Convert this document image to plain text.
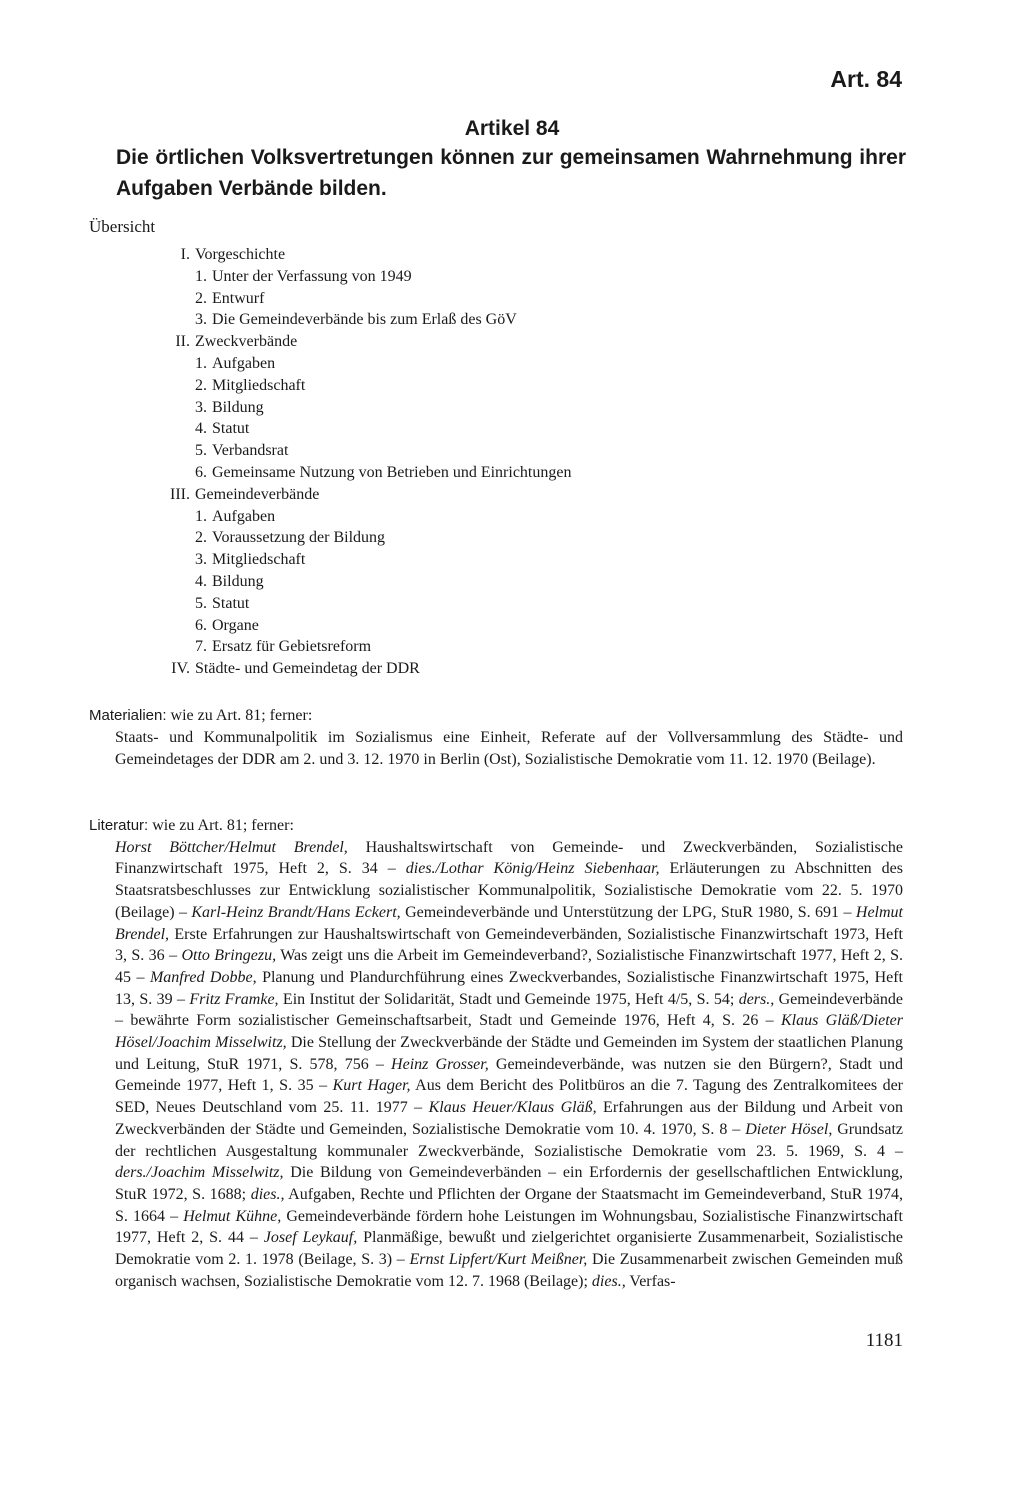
Art. 84
Artikel 84
Die örtlichen Volksvertretungen können zur gemeinsamen Wahrnehmung ihrer Aufgaben Verbände bilden.
Übersicht
I. Vorgeschichte
1. Unter der Verfassung von 1949
2. Entwurf
3. Die Gemeindeverbände bis zum Erlaß des GöV
II. Zweckverbände
1. Aufgaben
2. Mitgliedschaft
3. Bildung
4. Statut
5. Verbandsrat
6. Gemeinsame Nutzung von Betrieben und Einrichtungen
III. Gemeindeverbände
1. Aufgaben
2. Voraussetzung der Bildung
3. Mitgliedschaft
4. Bildung
5. Statut
6. Organe
7. Ersatz für Gebietsreform
IV. Städte- und Gemeindetag der DDR
Materialien: wie zu Art. 81; ferner:
Staats- und Kommunalpolitik im Sozialismus eine Einheit, Referate auf der Vollversammlung des Städte- und Gemeindetages der DDR am 2. und 3. 12. 1970 in Berlin (Ost), Sozialistische Demokratie vom 11. 12. 1970 (Beilage).
Literatur: wie zu Art. 81; ferner:
Horst Böttcher/Helmut Brendel, Haushaltswirtschaft von Gemeinde- und Zweckverbänden, Sozialistische Finanzwirtschaft 1975, Heft 2, S. 34 – dies./Lothar König/Heinz Siebenhaar, Erläuterungen zu Abschnitten des Staatsratsbeschlusses zur Entwicklung sozialistischer Kommunalpolitik, Sozialistische Demokratie vom 22. 5. 1970 (Beilage) – Karl-Heinz Brandt/Hans Eckert, Gemeindeverbände und Unterstützung der LPG, StuR 1980, S. 691 – Helmut Brendel, Erste Erfahrungen zur Haushaltswirtschaft von Gemeindeverbänden, Sozialistische Finanzwirtschaft 1973, Heft 3, S. 36 – Otto Bringezu, Was zeigt uns die Arbeit im Gemeindeverband?, Sozialistische Finanzwirtschaft 1977, Heft 2, S. 45 – Manfred Dobbe, Planung und Plandurchführung eines Zweckverbandes, Sozialistische Finanzwirtschaft 1975, Heft 13, S. 39 – Fritz Framke, Ein Institut der Solidarität, Stadt und Gemeinde 1975, Heft 4/5, S. 54; ders., Gemeindeverbände – bewährte Form sozialistischer Gemeinschaftsarbeit, Stadt und Gemeinde 1976, Heft 4, S. 26 – Klaus Gläß/Dieter Hösel/Joachim Misselwitz, Die Stellung der Zweckverbände der Städte und Gemeinden im System der staatlichen Planung und Leitung, StuR 1971, S. 578, 756 – Heinz Grosser, Gemeindeverbände, was nutzen sie den Bürgern?, Stadt und Gemeinde 1977, Heft 1, S. 35 – Kurt Hager, Aus dem Bericht des Politbüros an die 7. Tagung des Zentralkomitees der SED, Neues Deutschland vom 25. 11. 1977 – Klaus Heuer/Klaus Gläß, Erfahrungen aus der Bildung und Arbeit von Zweckverbänden der Städte und Gemeinden, Sozialistische Demokratie vom 10. 4. 1970, S. 8 – Dieter Hösel, Grundsatz der rechtlichen Ausgestaltung kommunaler Zweckverbände, Sozialistische Demokratie vom 23. 5. 1969, S. 4 – ders./Joachim Misselwitz, Die Bildung von Gemeindeverbänden – ein Erfordernis der gesellschaftlichen Entwicklung, StuR 1972, S. 1688; dies., Aufgaben, Rechte und Pflichten der Organe der Staatsmacht im Gemeindeverband, StuR 1974, S. 1664 – Helmut Kühne, Gemeindeverbände fördern hohe Leistungen im Wohnungsbau, Sozialistische Finanzwirtschaft 1977, Heft 2, S. 44 – Josef Leykauf, Planmäßige, bewußt und zielgerichtet organisierte Zusammenarbeit, Sozialistische Demokratie vom 2. 1. 1978 (Beilage, S. 3) – Ernst Lipfert/Kurt Meißner, Die Zusammenarbeit zwischen Gemeinden muß organisch wachsen, Sozialistische Demokratie vom 12. 7. 1968 (Beilage); dies., Verfas-
1181
